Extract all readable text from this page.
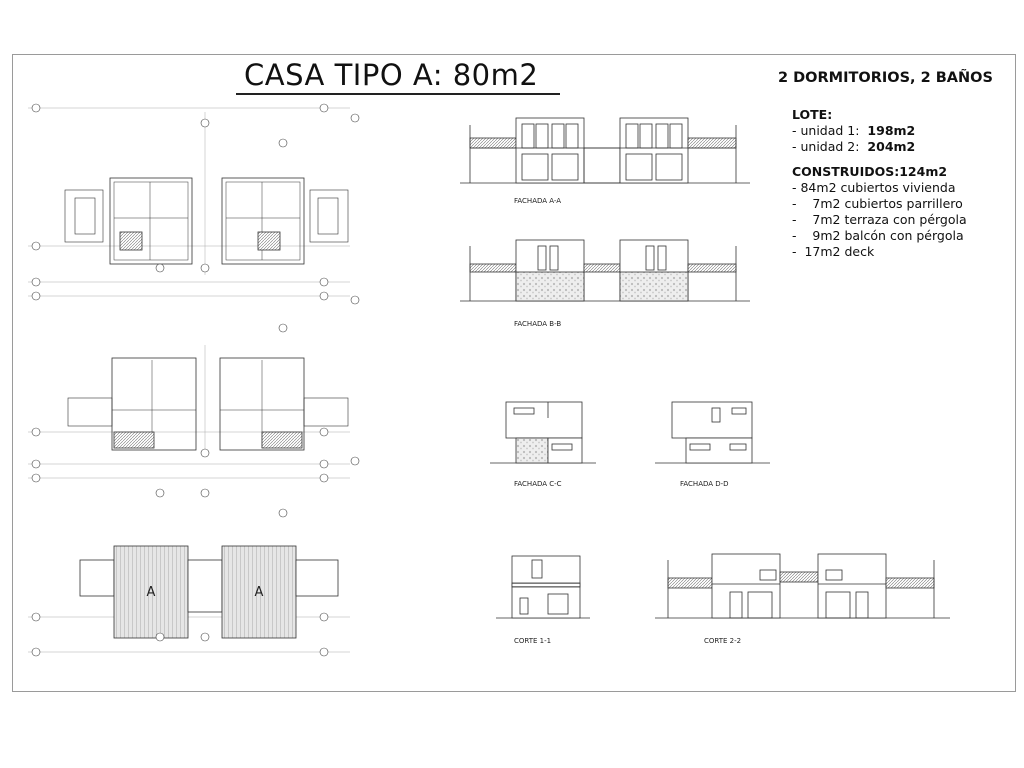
CASA TIPO A: 80m2	2 DORMITORIOS, 2 BAÑOS
LOTE:
- unidad 1:  198m2
- unidad 2:  204m2
CONSTRUIDOS:124m2
- 84m2 cubiertos vivienda
-    7m2 cubiertos parrillero
-    7m2 terraza con pérgola
-    9m2 balcón con pérgola
-  17m2 deck
A	A
FACHADA A-A
FACHADA B-B
FACHADA C-C	FACHADA D-D
CORTE 1-1	CORTE 2-2
